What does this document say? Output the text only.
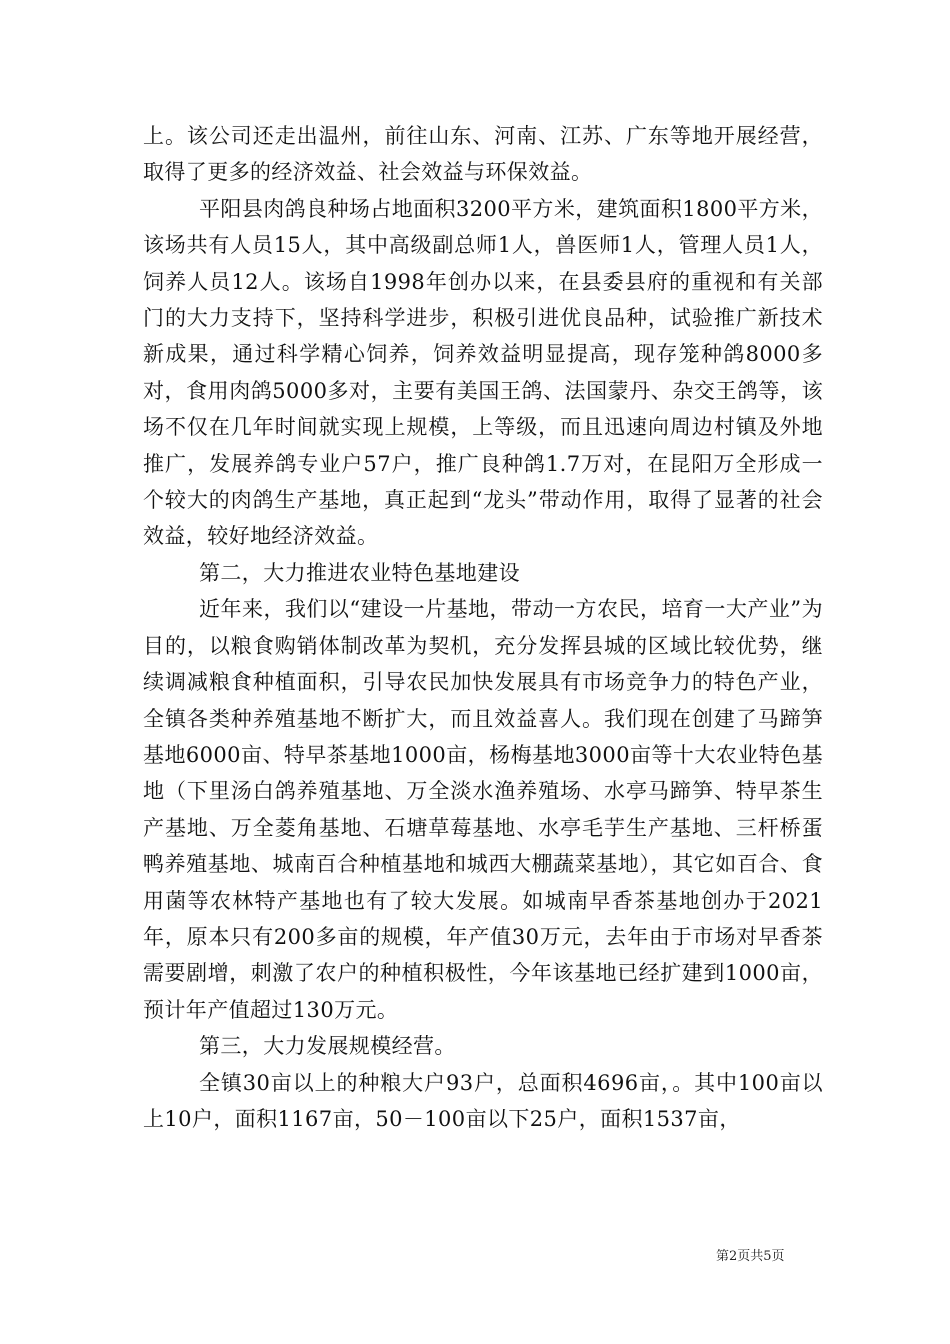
上。该公司还走出温州，前往山东、河南、江苏、广东等地开展经营，取得了更多的经济效益、社会效益与环保效益。

平阳县肉鸽良种场占地面积3200平方米，建筑面积1800平方米，该场共有人员15人，其中高级副总师1人，兽医师1人，管理人员1人，饲养人员12人。该场自1998年创办以来，在县委县府的重视和有关部门的大力支持下，坚持科学进步，积极引进优良品种，试验推广新技术新成果，通过科学精心饲养，饲养效益明显提高，现存笼种鸽8000多对，食用肉鸽5000多对，主要有美国王鸽、法国蒙丹、杂交王鸽等，该场不仅在几年时间就实现上规模，上等级，而且迅速向周边村镇及外地推广，发展养鸽专业户57户，推广良种鸽1.7万对，在昆阳万全形成一个较大的肉鸽生产基地，真正起到“龙头”带动作用，取得了显著的社会效益，较好地经济效益。

第二，大力推进农业特色基地建设

近年来，我们以“建设一片基地，带动一方农民，培育一大产业”为目的，以粮食购销体制改革为契机，充分发挥县城的区域比较优势，继续调减粮食种植面积，引导农民加快发展具有市场竞争力的特色产业，全镇各类种养殖基地不断扩大，而且效益喜人。我们现在创建了马蹄笋基地6000亩、特早茶基地1000亩，杨梅基地3000亩等十大农业特色基地（下里汤白鸽养殖基地、万全淡水渔养殖场、水亭马蹄笋、特早茶生产基地、万全菱角基地、石塘草莓基地、水亭毛芋生产基地、三杆桥蛋鸭养殖基地、城南百合种植基地和城西大棚蔬菜基地），其它如百合、食用菌等农林特产基地也有了较大发展。如城南早香茶基地创办于2021年，原本只有200多亩的规模，年产值30万元，去年由于市场对早香茶需要剧增，刺激了农户的种植积极性，今年该基地已经扩建到1000亩，预计年产值超过130万元。

第三，大力发展规模经营。

全镇30亩以上的种粮大户93户，总面积4696亩，。其中100亩以上10户，面积1167亩，50－100亩以下25户，面积1537亩，

第2页共5页
